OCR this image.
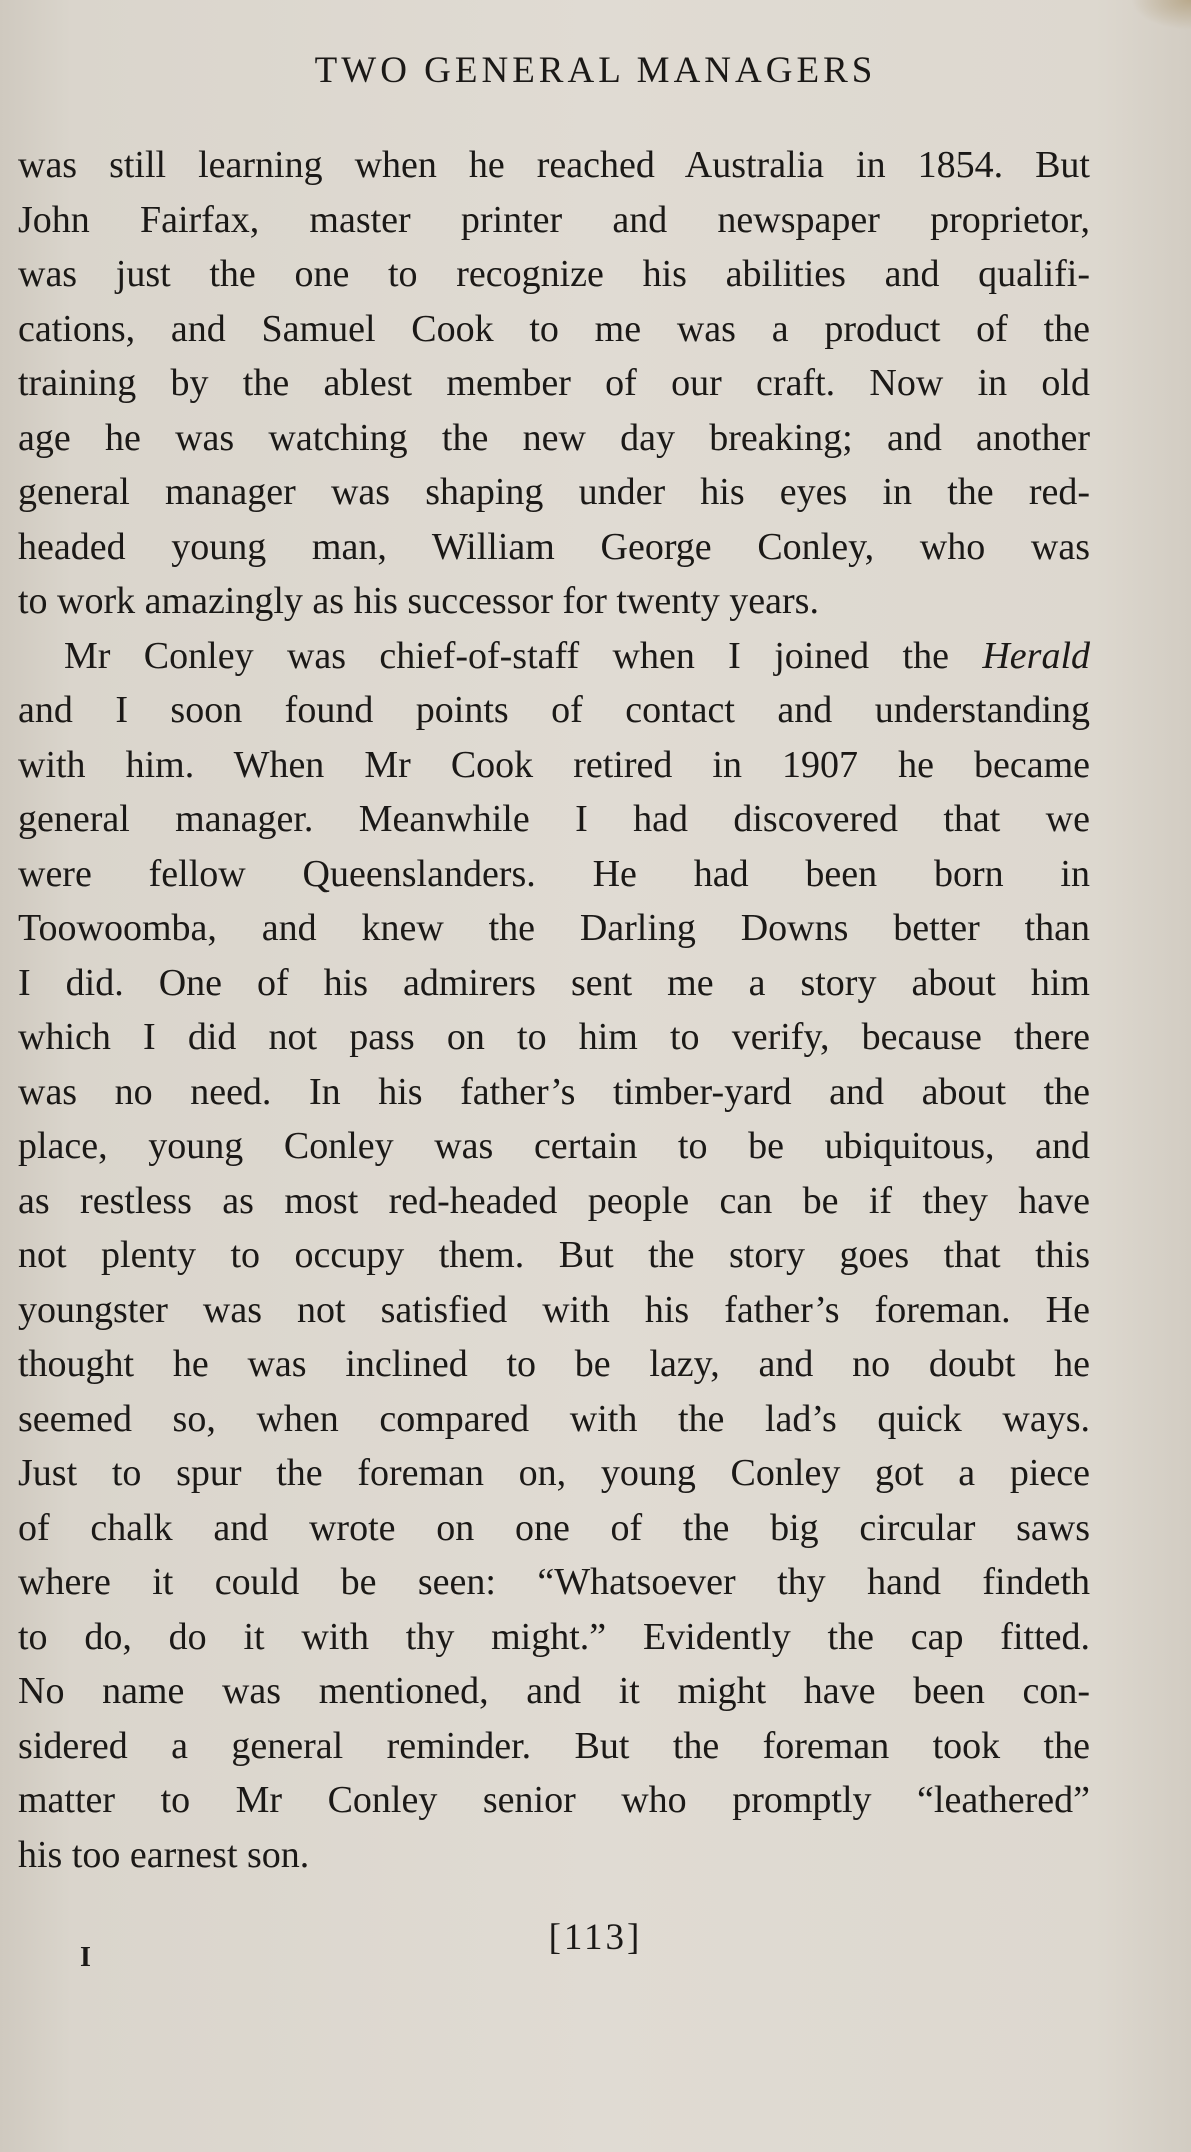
TWO GENERAL MANAGERS
was still learning when he reached Australia in 1854. But
John Fairfax, master printer and newspaper proprietor,
was just the one to recognize his abilities and qualifi-
cations, and Samuel Cook to me was a product of the
training by the ablest member of our craft. Now in old
age he was watching the new day breaking; and another
general manager was shaping under his eyes in the red-
headed young man, William George Conley, who was
to work amazingly as his successor for twenty years.
Mr Conley was chief-of-staff when I joined the Herald
and I soon found points of contact and understanding
with him. When Mr Cook retired in 1907 he became
general manager. Meanwhile I had discovered that we
were fellow Queenslanders. He had been born in
Toowoomba, and knew the Darling Downs better than
I did. One of his admirers sent me a story about him
which I did not pass on to him to verify, because there
was no need. In his father’s timber-yard and about the
place, young Conley was certain to be ubiquitous, and
as restless as most red-headed people can be if they have
not plenty to occupy them. But the story goes that this
youngster was not satisfied with his father’s foreman. He
thought he was inclined to be lazy, and no doubt he
seemed so, when compared with the lad’s quick ways.
Just to spur the foreman on, young Conley got a piece
of chalk and wrote on one of the big circular saws
where it could be seen: “Whatsoever thy hand findeth
to do, do it with thy might.” Evidently the cap fitted.
No name was mentioned, and it might have been con-
sidered a general reminder. But the foreman took the
matter to Mr Conley senior who promptly “leathered”
his too earnest son.
[113]
I
